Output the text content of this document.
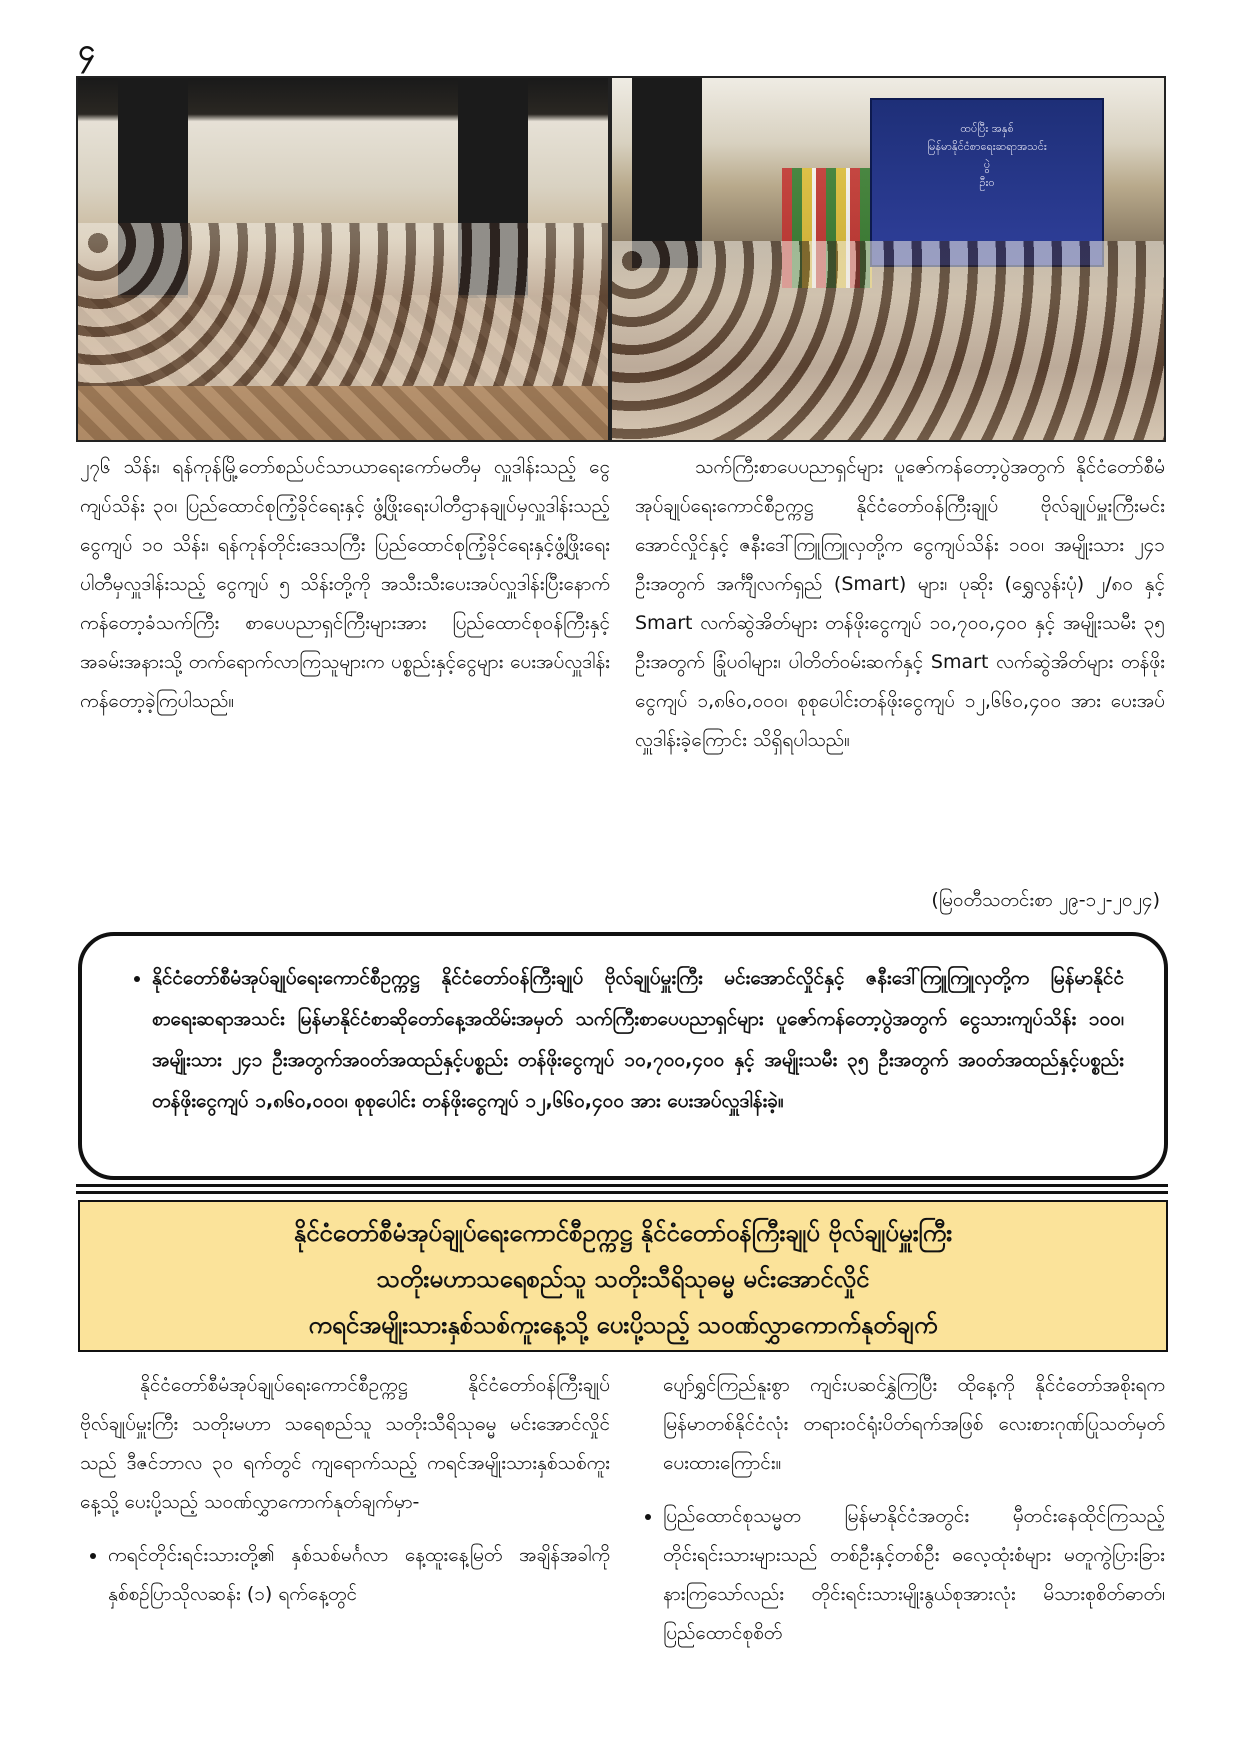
၄
ထပ်ပြီး အနှစ်
မြန်မာနိုင်ငံစာရေးဆရာအသင်း
ပွဲ
ဦး၀

၂၇၆ သိန်း၊ ရန်ကုန်မြို့တော်စည်ပင်သာယာရေးကော်မတီမှ လှူဒါန်းသည့် ငွေကျပ်သိန်း ၃၀၊ ပြည်ထောင်စုကြံ့ခိုင်ရေးနှင့် ဖွံ့ဖြိုးရေးပါတီဌာနချုပ်မှလှူဒါန်းသည့် ငွေကျပ် ၁၀ သိန်း၊ ရန်ကုန်တိုင်းဒေသကြီး ပြည်ထောင်စုကြံ့ခိုင်ရေးနှင့်ဖွံ့ဖြိုးရေးပါတီမှလှူဒါန်းသည့် ငွေကျပ် ၅ သိန်းတို့ကို အသီးသီးပေးအပ်လှူဒါန်းပြီးနောက် ကန်တော့ခံသက်ကြီး စာပေပညာရှင်ကြီးများအား ပြည်ထောင်စုဝန်ကြီးနှင့်အခမ်းအနားသို့ တက်ရောက်လာကြသူများက ပစ္စည်းနှင့်ငွေများ ပေးအပ်လှူဒါန်းကန်တော့ခဲ့ကြပါသည်။

သက်ကြီးစာပေပညာရှင်များ ပူဇော်ကန်တော့ပွဲအတွက် နိုင်ငံတော်စီမံအုပ်ချုပ်ရေးကောင်စီဥက္ကဋ္ဌ နိုင်ငံတော်ဝန်ကြီးချုပ် ဗိုလ်ချုပ်မှူးကြီးမင်းအောင်လှိုင်နှင့် ဇနီးဒေါ်ကြူကြူလှတို့က ငွေကျပ်သိန်း ၁၀၀၊ အမျိုးသား ၂၄၁ ဦးအတွက် အင်္ကျီလက်ရှည် (Smart) များ၊ ပုဆိုး (ရွှေလွန်းပုံ) ၂/၈၀ နှင့် Smart လက်ဆွဲအိတ်များ တန်ဖိုးငွေကျပ် ၁၀,၇၀၀,၄၀၀ နှင့် အမျိုးသမီး ၃၅ ဦးအတွက် ခြုံပဝါများ၊ ပါတိတ်ဝမ်းဆက်နှင့် Smart လက်ဆွဲအိတ်များ တန်ဖိုးငွေကျပ် ၁,၈၆၀,၀၀၀၊ စုစုပေါင်းတန်ဖိုးငွေကျပ် ၁၂,၆၆၀,၄၀၀ အား ပေးအပ်လှူဒါန်းခဲ့ကြောင်း သိရှိရပါသည်။

(မြဝတီသတင်းစာ ၂၉-၁၂-၂၀၂၄)
• နိုင်ငံတော်စီမံအုပ်ချုပ်ရေးကောင်စီဥက္ကဋ္ဌ နိုင်ငံတော်ဝန်ကြီးချုပ် ဗိုလ်ချုပ်မှူးကြီး မင်းအောင်လှိုင်နှင့် ဇနီးဒေါ်ကြူကြူလှတို့က မြန်မာနိုင်ငံစာရေးဆရာအသင်း မြန်မာနိုင်ငံစာဆိုတော်နေ့အထိမ်းအမှတ် သက်ကြီးစာပေပညာရှင်များ ပူဇော်ကန်တော့ပွဲအတွက် ငွေသားကျပ်သိန်း ၁၀၀၊ အမျိုးသား ၂၄၁ ဦးအတွက်အဝတ်အထည်နှင့်ပစ္စည်း တန်ဖိုးငွေကျပ် ၁၀,၇၀၀,၄၀၀ နှင့် အမျိုးသမီး ၃၅ ဦးအတွက် အဝတ်အထည်နှင့်ပစ္စည်း တန်ဖိုးငွေကျပ် ၁,၈၆၀,၀၀၀၊ စုစုပေါင်း တန်ဖိုးငွေကျပ် ၁၂,၆၆၀,၄၀၀ အား ပေးအပ်လှူဒါန်းခဲ့။
နိုင်ငံတော်စီမံအုပ်ချုပ်ရေးကောင်စီဥက္ကဋ္ဌ နိုင်ငံတော်ဝန်ကြီးချုပ် ဗိုလ်ချုပ်မှူးကြီး
သတိုးမဟာသရေစည်သူ သတိုးသီရိသုဓမ္မ မင်းအောင်လှိုင်
ကရင်အမျိုးသားနှစ်သစ်ကူးနေ့သို့ ပေးပို့သည့် သဝဏ်လွှာကောက်နုတ်ချက်

နိုင်ငံတော်စီမံအုပ်ချုပ်ရေးကောင်စီဥက္ကဋ္ဌ နိုင်ငံတော်ဝန်ကြီးချုပ် ဗိုလ်ချုပ်မှူးကြီး သတိုးမဟာ သရေစည်သူ သတိုးသီရိသုဓမ္မ မင်းအောင်လှိုင်သည် ဒီဇင်ဘာလ ၃၀ ရက်တွင် ကျရောက်သည့် ကရင်အမျိုးသားနှစ်သစ်ကူးနေ့သို့ ပေးပို့သည့် သဝဏ်လွှာကောက်နုတ်ချက်မှာ-

• ကရင်တိုင်းရင်းသားတို့၏ နှစ်သစ်မင်္ဂလာ နေ့ထူးနေ့မြတ် အချိန်အခါကို နှစ်စဉ်ပြာသိုလဆန်း (၁) ရက်နေ့တွင်

ပျော်ရွှင်ကြည်နူးစွာ ကျင်းပဆင်နွှဲကြပြီး ထိုနေ့ကို နိုင်ငံတော်အစိုးရက မြန်မာတစ်နိုင်ငံလုံး တရားဝင်ရုံးပိတ်ရက်အဖြစ် လေးစားဂုဏ်ပြုသတ်မှတ်ပေးထားကြောင်း။

• ပြည်ထောင်စုသမ္မတ မြန်မာနိုင်ငံအတွင်း မှီတင်းနေထိုင်ကြသည့် တိုင်းရင်းသားများသည် တစ်ဦးနှင့်တစ်ဦး ဓလေ့ထုံးစံများ မတူကွဲပြားခြားနားကြသော်လည်း တိုင်းရင်းသားမျိုးနွယ်စုအားလုံး မိသားစုစိတ်ဓာတ်၊ ပြည်ထောင်စုစိတ်
